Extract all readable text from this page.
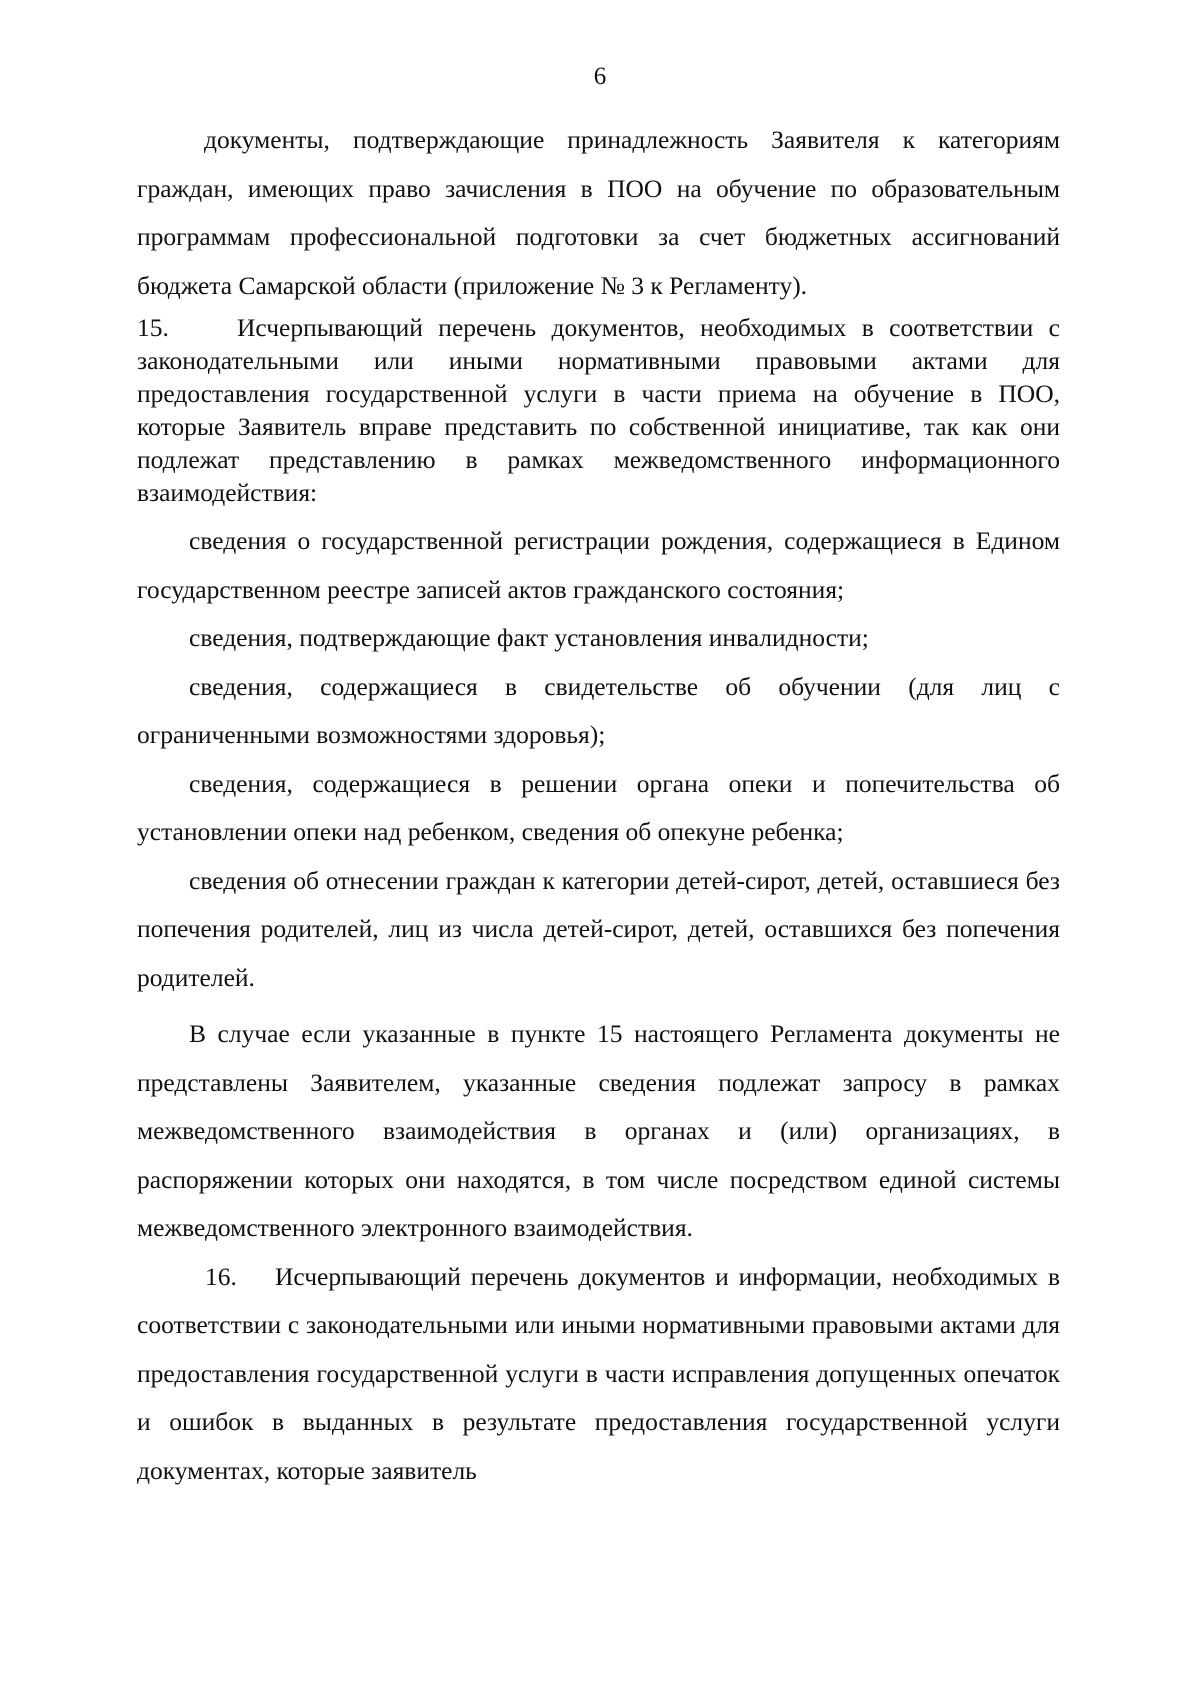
6

документы, подтверждающие принадлежность Заявителя к категориям граждан, имеющих право зачисления в ПОО на обучение по образовательным программам профессиональной подготовки за счет бюджетных ассигнований бюджета Самарской области (приложение № 3 к Регламенту).

15.	Исчерпывающий перечень документов, необходимых в соответствии с законодательными или иными нормативными правовыми актами для предоставления государственной услуги в части приема на обучение в ПОО, которые Заявитель вправе представить по собственной инициативе, так как они подлежат представлению в рамках межведомственного информационного взаимодействия:

сведения о государственной регистрации рождения, содержащиеся в Едином государственном реестре записей актов гражданского состояния;

сведения, подтверждающие факт установления инвалидности;

сведения, содержащиеся в свидетельстве об обучении (для лиц с ограниченными возможностями здоровья);

сведения, содержащиеся в решении органа опеки и попечительства об установлении опеки над ребенком, сведения об опекуне ребенка;

сведения об отнесении граждан к категории детей-сирот, детей, оставшиеся без попечения родителей, лиц из числа детей-сирот, детей, оставшихся без попечения родителей.

В случае если указанные в пункте 15 настоящего Регламента документы не представлены Заявителем, указанные сведения подлежат запросу в рамках межведомственного взаимодействия в органах и (или) организациях, в распоряжении которых они находятся, в том числе посредством единой системы межведомственного электронного взаимодействия.

16. Исчерпывающий перечень документов и информации, необходимых в соответствии с законодательными или иными нормативными правовыми актами для предоставления государственной услуги в части исправления допущенных опечаток и ошибок в выданных в результате предоставления государственной услуги документах, которые заявитель
